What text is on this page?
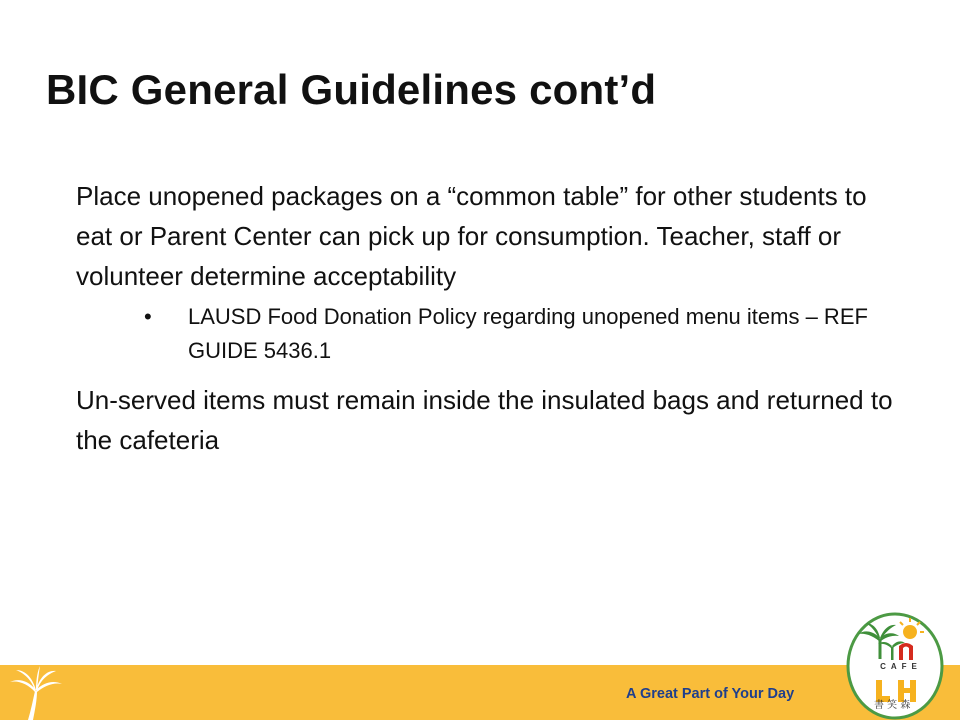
BIC General Guidelines cont’d

Place unopened packages on a “common table” for other students to eat or Parent Center can pick up for consumption. Teacher, staff or volunteer determine acceptability

• LAUSD Food Donation Policy regarding unopened menu items – REF GUIDE 5436.1

Un-served items must remain inside the insulated bags and returned to the cafeteria

A Great Part of Your Day
CAFE
書 笑 森
